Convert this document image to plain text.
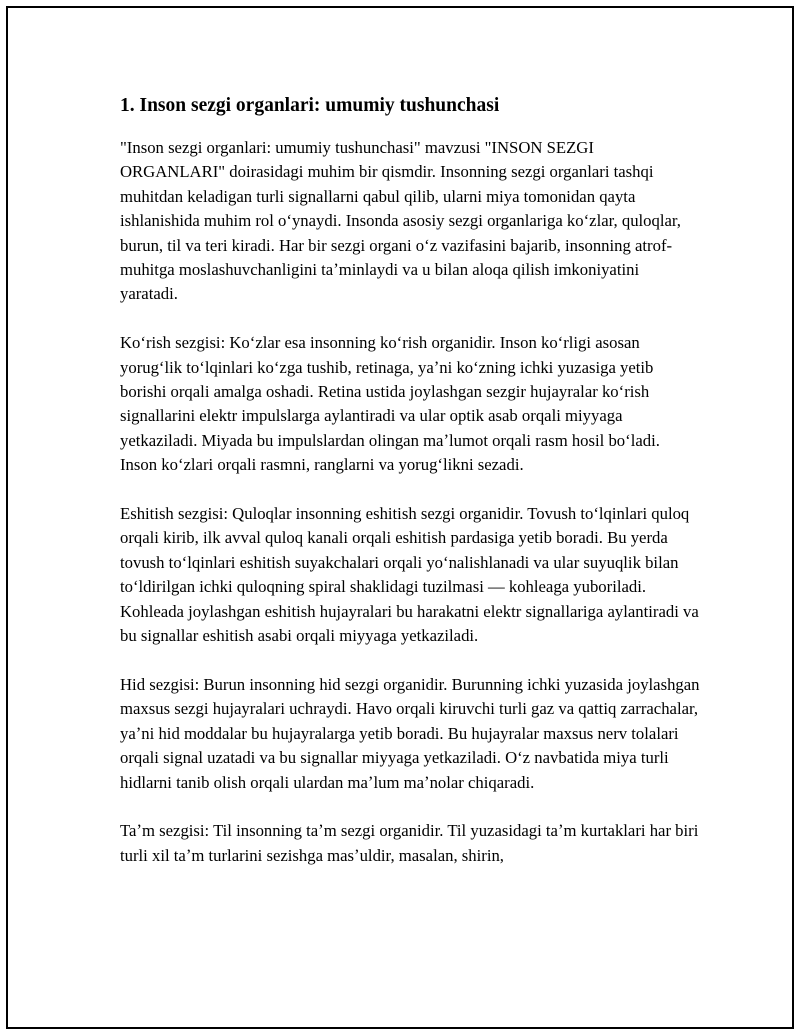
1. Inson sezgi organlari: umumiy tushunchasi

"Inson sezgi organlari: umumiy tushunchasi" mavzusi "INSON SEZGI ORGANLARI" doirasidagi muhim bir qismdir. Insonning sezgi organlari tashqi muhitdan keladigan turli signallarni qabul qilib, ularni miya tomonidan qayta ishlanishida muhim rol oʻynaydi. Insonda asosiy sezgi organlariga koʻzlar, quloqlar, burun, til va teri kiradi. Har bir sezgi organi oʻz vazifasini bajarib, insonning atrof-muhitga moslashuvchanligini taʼminlaydi va u bilan aloqa qilish imkoniyatini yaratadi.

Koʻrish sezgisi: Koʻzlar esa insonning koʻrish organidir. Inson koʻrligi asosan yorugʻlik toʻlqinlari koʻzga tushib, retinaga, yaʼni koʻzning ichki yuzasiga yetib borishi orqali amalga oshadi. Retina ustida joylashgan sezgir hujayralar koʻrish signallarini elektr impulslarga aylantiradi va ular optik asab orqali miyyaga yetkaziladi. Miyada bu impulslardan olingan maʼlumot orqali rasm hosil boʻladi. Inson koʻzlari orqali rasmni, ranglarni va yorugʻlikni sezadi.

Eshitish sezgisi: Quloqlar insonning eshitish sezgi organidir. Tovush toʻlqinlari quloq orqali kirib, ilk avval quloq kanali orqali eshitish pardasiga yetib boradi. Bu yerda tovush toʻlqinlari eshitish suyakchalari orqali yoʻnalishlanadi va ular suyuqlik bilan toʻldirilgan ichki quloqning spiral shaklidagi tuzilmasi — kohleaga yuboriladi. Kohleada joylashgan eshitish hujayralari bu harakatni elektr signallariga aylantiradi va bu signallar eshitish asabi orqali miyyaga yetkaziladi.

Hid sezgisi: Burun insonning hid sezgi organidir. Burunning ichki yuzasida joylashgan maxsus sezgi hujayralari uchraydi. Havo orqali kiruvchi turli gaz va qattiq zarrachalar, yaʼni hid moddalar bu hujayralarga yetib boradi. Bu hujayralar maxsus nerv tolalari orqali signal uzatadi va bu signallar miyyaga yetkaziladi. Oʻz navbatida miya turli hidlarni tanib olish orqali ulardan maʼlum maʼnolar chiqaradi.

Taʼm sezgisi: Til insonning taʼm sezgi organidir. Til yuzasidagi taʼm kurtaklari har biri turli xil taʼm turlarini sezishga masʼuldir, masalan, shirin,
